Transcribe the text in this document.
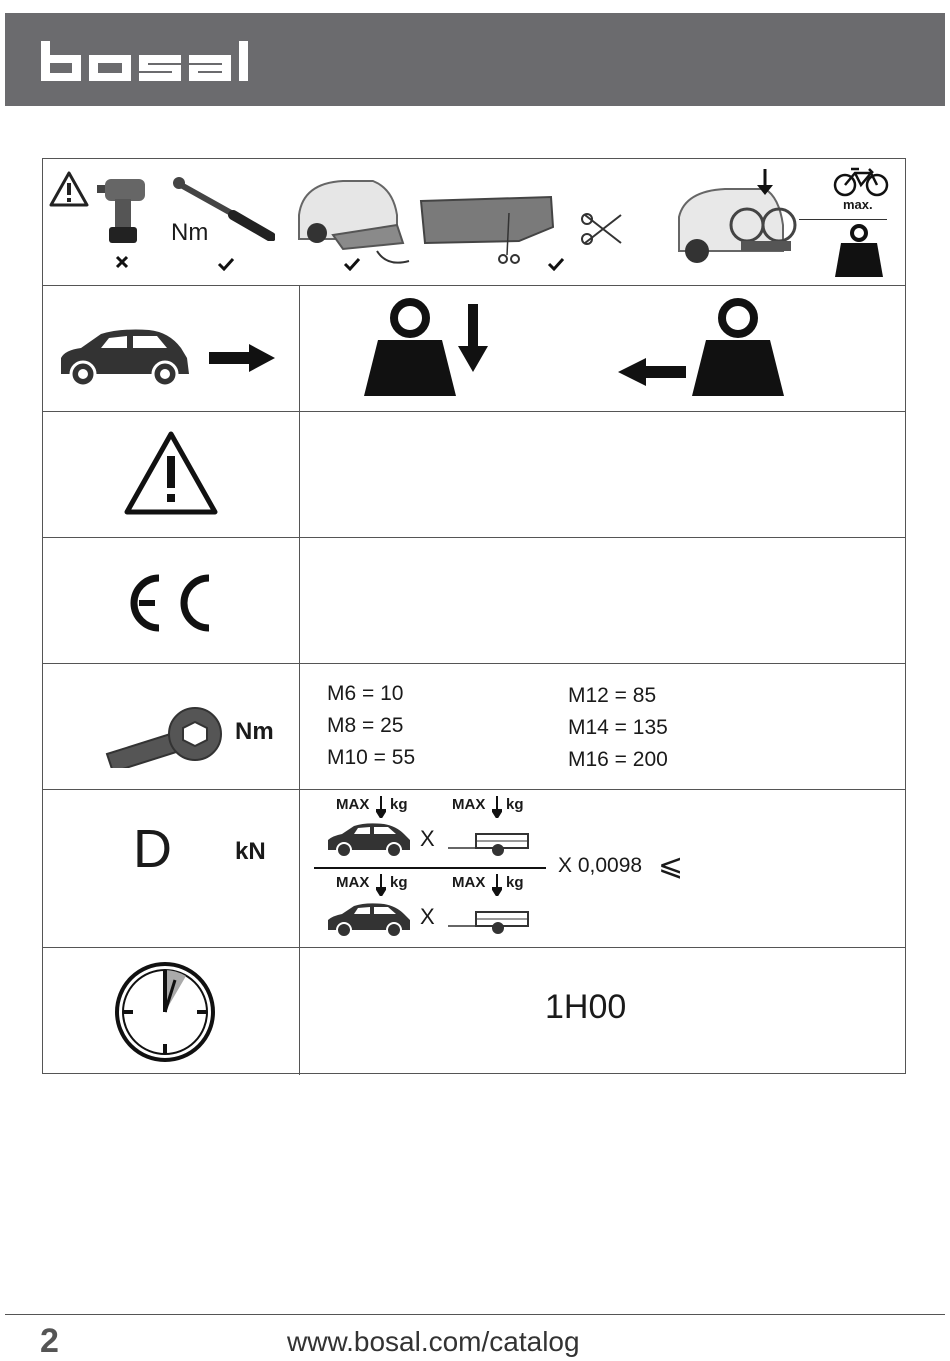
Nm
max.
Nm
M6 = 10
M8 = 25
M10 = 55
M12 = 85
M14 = 135
M16 = 200
D	kN
MAX kg	MAX kg
X
MAX kg	MAX kg
X
X 0,0098 ⩽
1H00
2	www.bosal.com/catalog
